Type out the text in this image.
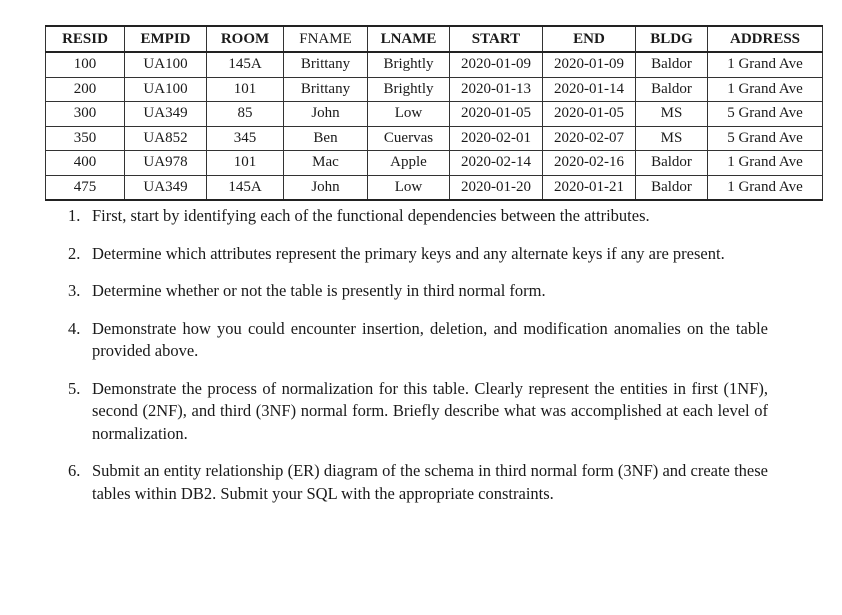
RESID	EMPID	ROOM	FNAME	LNAME	START	END	BLDG	ADDRESS
100	UA100	145A	Brittany	Brightly	2020-01-09	2020-01-09	Baldor	1 Grand Ave
200	UA100	101	Brittany	Brightly	2020-01-13	2020-01-14	Baldor	1 Grand Ave
300	UA349	85	John	Low	2020-01-05	2020-01-05	MS	5 Grand Ave
350	UA852	345	Ben	Cuervas	2020-02-01	2020-02-07	MS	5 Grand Ave
400	UA978	101	Mac	Apple	2020-02-14	2020-02-16	Baldor	1 Grand Ave
475	UA349	145A	John	Low	2020-01-20	2020-01-21	Baldor	1 Grand Ave
1. First, start by identifying each of the functional dependencies between the attributes.
2. Determine which attributes represent the primary keys and any alternate keys if any are present.
3. Determine whether or not the table is presently in third normal form.
4. Demonstrate how you could encounter insertion, deletion, and modification anomalies on the table provided above.
5. Demonstrate the process of normalization for this table. Clearly represent the entities in first (1NF), second (2NF), and third (3NF) normal form. Briefly describe what was accomplished at each level of normalization.
6. Submit an entity relationship (ER) diagram of the schema in third normal form (3NF) and create these tables within DB2. Submit your SQL with the appropriate constraints.
